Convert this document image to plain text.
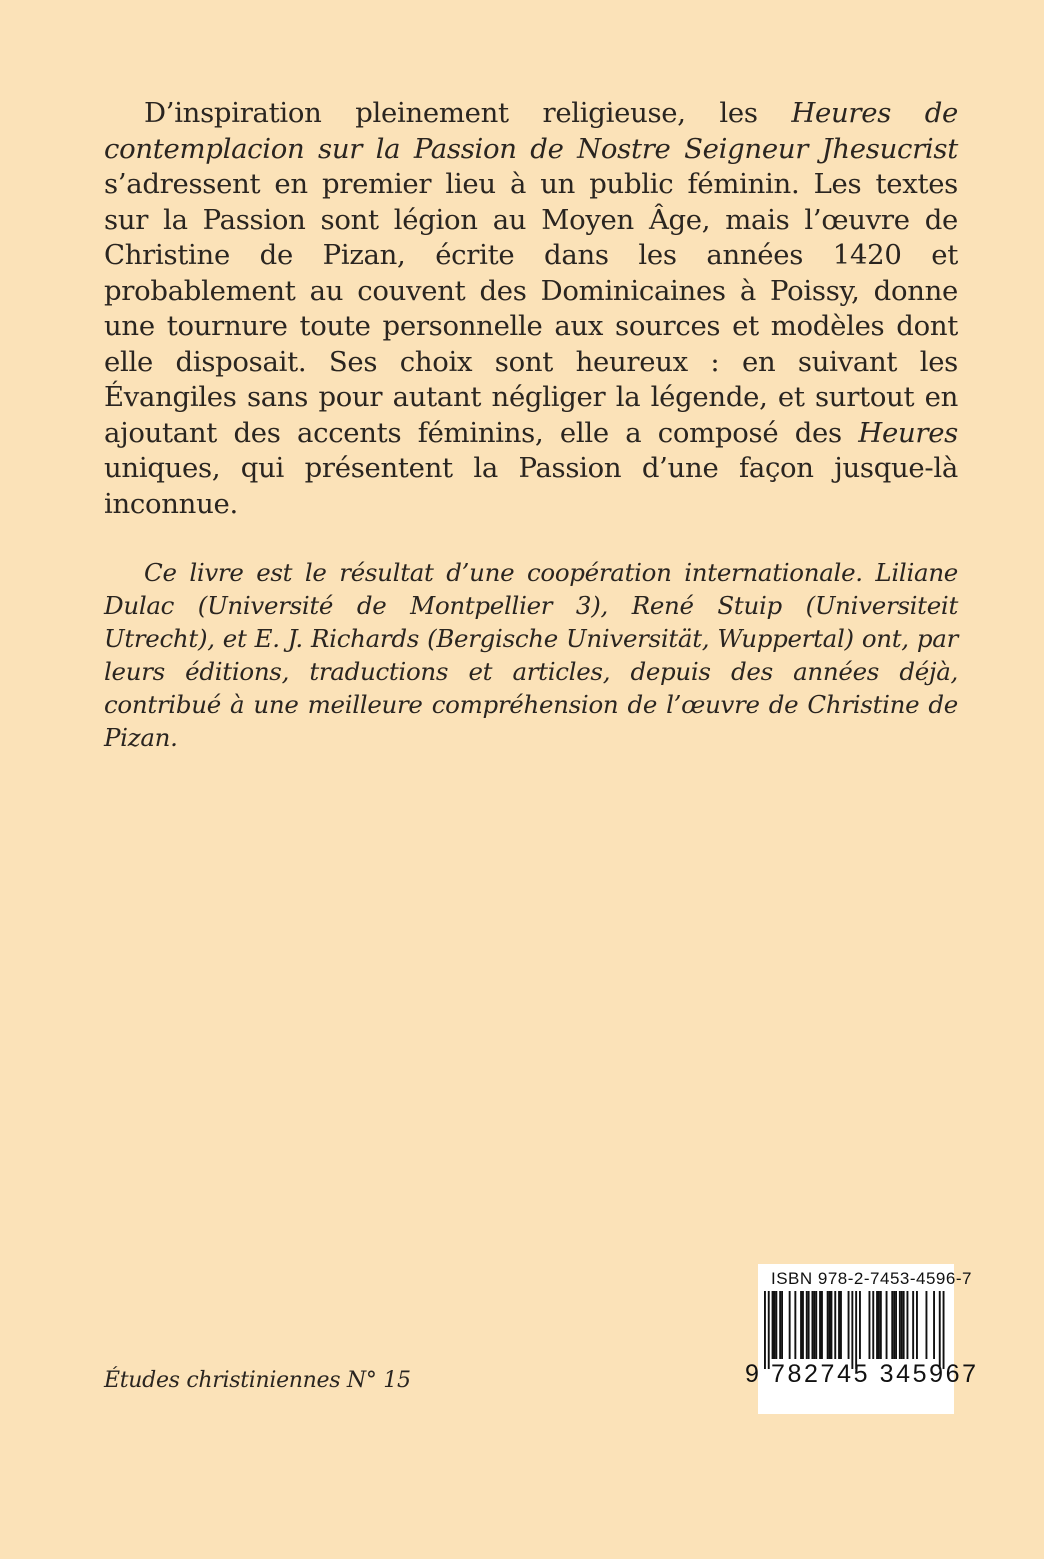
D’inspiration pleinement religieuse, les Heures de contemplacion sur la Passion de Nostre Seigneur Jhesucrist s’adressent en premier lieu à un public féminin. Les textes sur la Passion sont légion au Moyen Âge, mais l’œuvre de Christine de Pizan, écrite dans les années 1420 et probablement au couvent des Dominicaines à Poissy, donne une tournure toute personnelle aux sources et modèles dont elle disposait. Ses choix sont heureux : en suivant les Évangiles sans pour autant négliger la légende, et surtout en ajoutant des accents féminins, elle a composé des Heures uniques, qui présentent la Passion d’une façon jusque-là inconnue.

Ce livre est le résultat d’une coopération internationale. Liliane Dulac (Université de Montpellier 3), René Stuip (Universiteit Utrecht), et E. J. Richards (Bergische Universität, Wuppertal) ont, par leurs éditions, traductions et articles, depuis des années déjà, contribué à une meilleure compréhension de l’œuvre de Christine de Pizan.

Études christiniennes N° 15

ISBN 978-2-7453-4596-7
9 782745 345967
